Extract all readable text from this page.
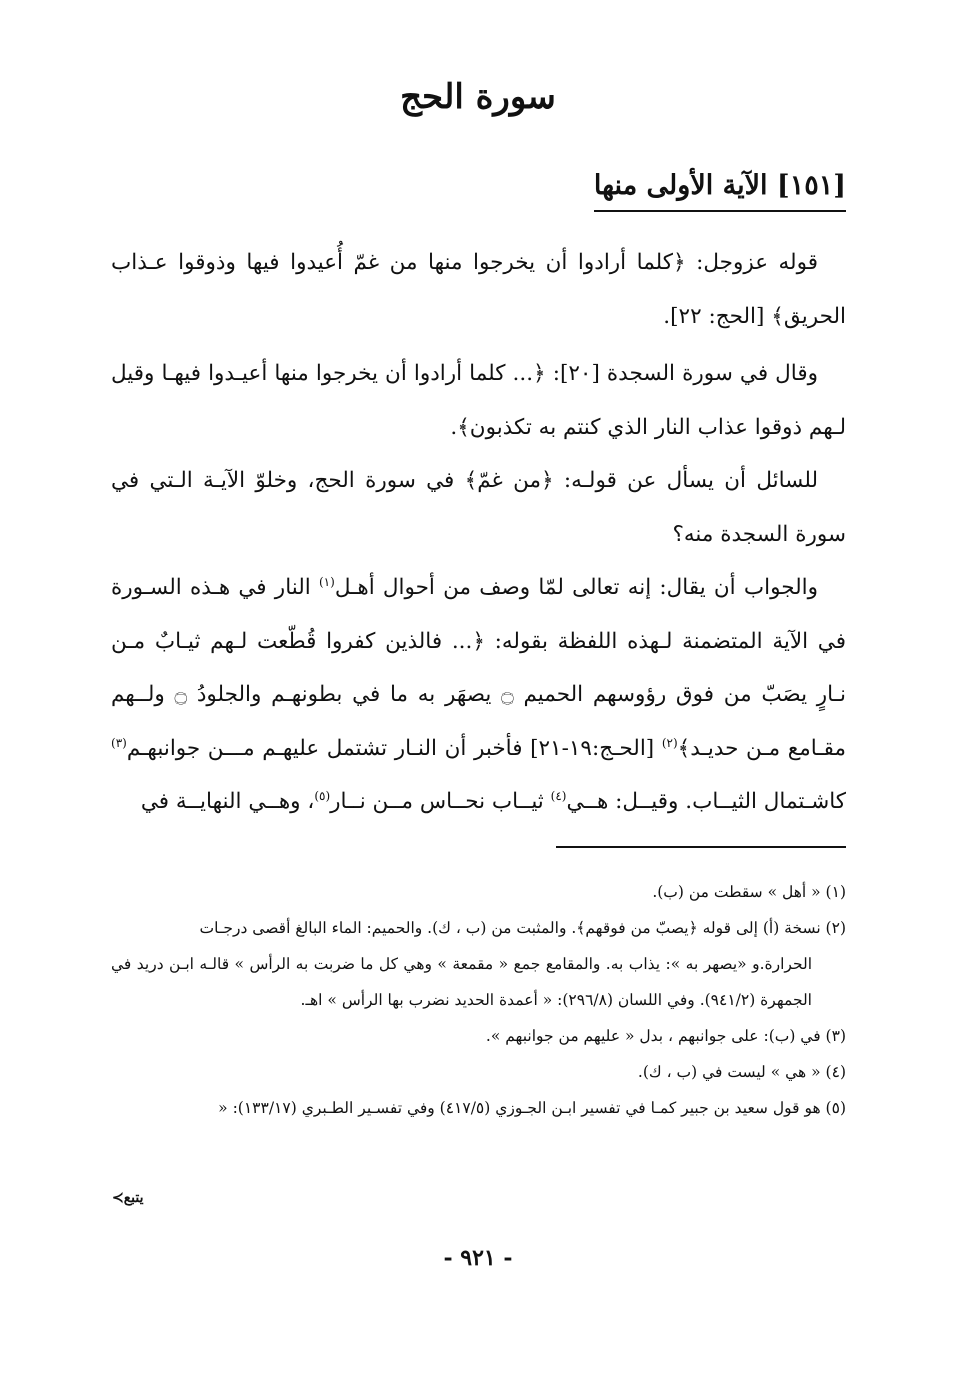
سورة الحج
[١٥١] الآية الأولى منها

قوله عزوجل: ﴿كلما أرادوا أن يخرجوا منها من غمّ أُعيدوا فيها وذوقوا عـذاب الحريق﴾ [الحج: ٢٢].

وقال في سورة السجدة [٢٠]: ﴿... كلما أرادوا أن يخرجوا منها أعيـدوا فيهـا وقيل لـهم ذوقوا عذاب النار الذي كنتم به تكذبون﴾.

للسائل أن يسأل عن قولـه: ﴿من غمّ﴾ في سورة الحج، وخلوّ الآيـة الـتي في سورة السجدة منه؟

والجواب أن يقال: إنه تعالى لمّا وصف من أحوال أهـل$^{(١)}$ النار في هـذه السـورة في الآية المتضمنة لـهذه اللفظة بقوله: ﴿... فالذين كفروا قُطّعت لـهم ثيـابٌ مـن نـارٍ يصَبّ من فوق رؤوسهم الحميم ۝ يصهَر به ما في بطونهـم والجلودُ ۝ ولــهم مقـامع مـن حديـد﴾$^{(٢)}$ [الحـج:١٩-٢١] فأخبر أن النـار تشتمل عليهـم مـــن جوانبهـم$^{(٣)}$ كاشـتمال الثيــاب. وقيــل: هــي$^{(٤)}$ ثيــاب نحــاس مــن نــار$^{(٥)}$، وهــي النهايــة في

(١) « أهل » سقطت من (ب).

(٢) نسخة (أ) إلى قوله ﴿يصبّ من فوقهم﴾. والمثبت من (ب ، ك). والحميم: الماء البالغ أقصى درجـات

الحرارة.و «يصهر به »: يذاب به. والمقامع جمع « مقمعة » وهي كل ما ضربت به الرأس » قالـه ابـن دريد في الجمهرة (٩٤١/٢). وفي اللسان (٢٩٦/٨): « أعمدة الحديد نضرب بها الرأس » اهـ.

(٣) في (ب): على جوانبهم ، بدل « عليهم من جوانبهم ».

(٤) « هي » ليست في (ب ، ك).

(٥) هو قول سعيد بن جبير كمـا في تفسير ابـن الجـوزي (٤١٧/٥) وفي تفسـير الطـبري (١٣٣/١٧): «

يتبع≻
- ٩٢١ -
